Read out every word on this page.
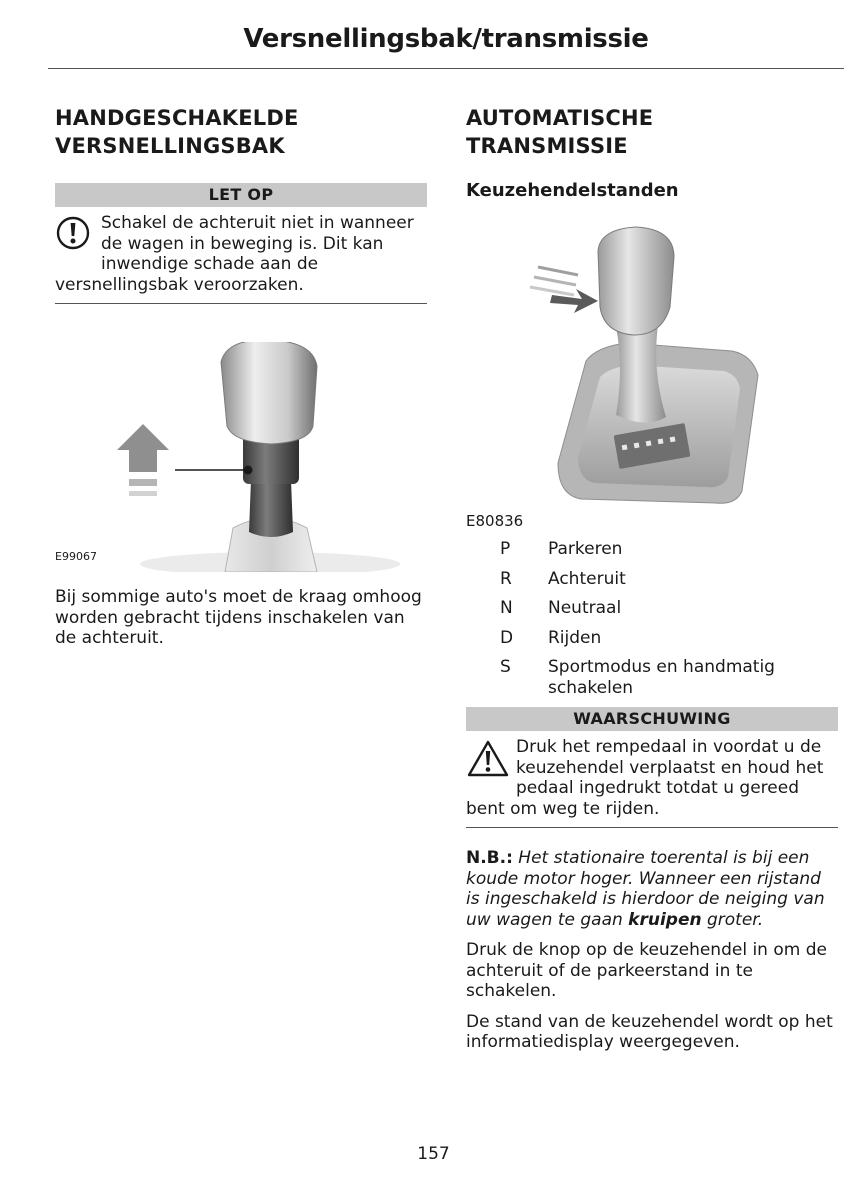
Versnellingsbak/transmissie
HANDGESCHAKELDE
VERSNELLINGSBAK
LET OP
Schakel de achteruit niet in wanneer de wagen in beweging is. Dit kan inwendige schade aan de versnellingsbak veroorzaken.
E99067

Bij sommige auto's moet de kraag omhoog worden gebracht tijdens inschakelen van de achteruit.

AUTOMATISCHE
TRANSMISSIE
Keuzehendelstanden
E80836
P	Parkeren
R	Achteruit
N	Neutraal
D	Rijden
S	Sportmodus en handmatig schakelen
WAARSCHUWING
Druk het rempedaal in voordat u de keuzehendel verplaatst en houd het pedaal ingedrukt totdat u gereed bent om weg te rijden.

N.B.: Het stationaire toerental is bij een koude motor hoger. Wanneer een rijstand is ingeschakeld is hierdoor de neiging van uw wagen te gaan kruipen groter.

Druk de knop op de keuzehendel in om de achteruit of de parkeerstand in te schakelen.

De stand van de keuzehendel wordt op het informatiedisplay weergegeven.

157
